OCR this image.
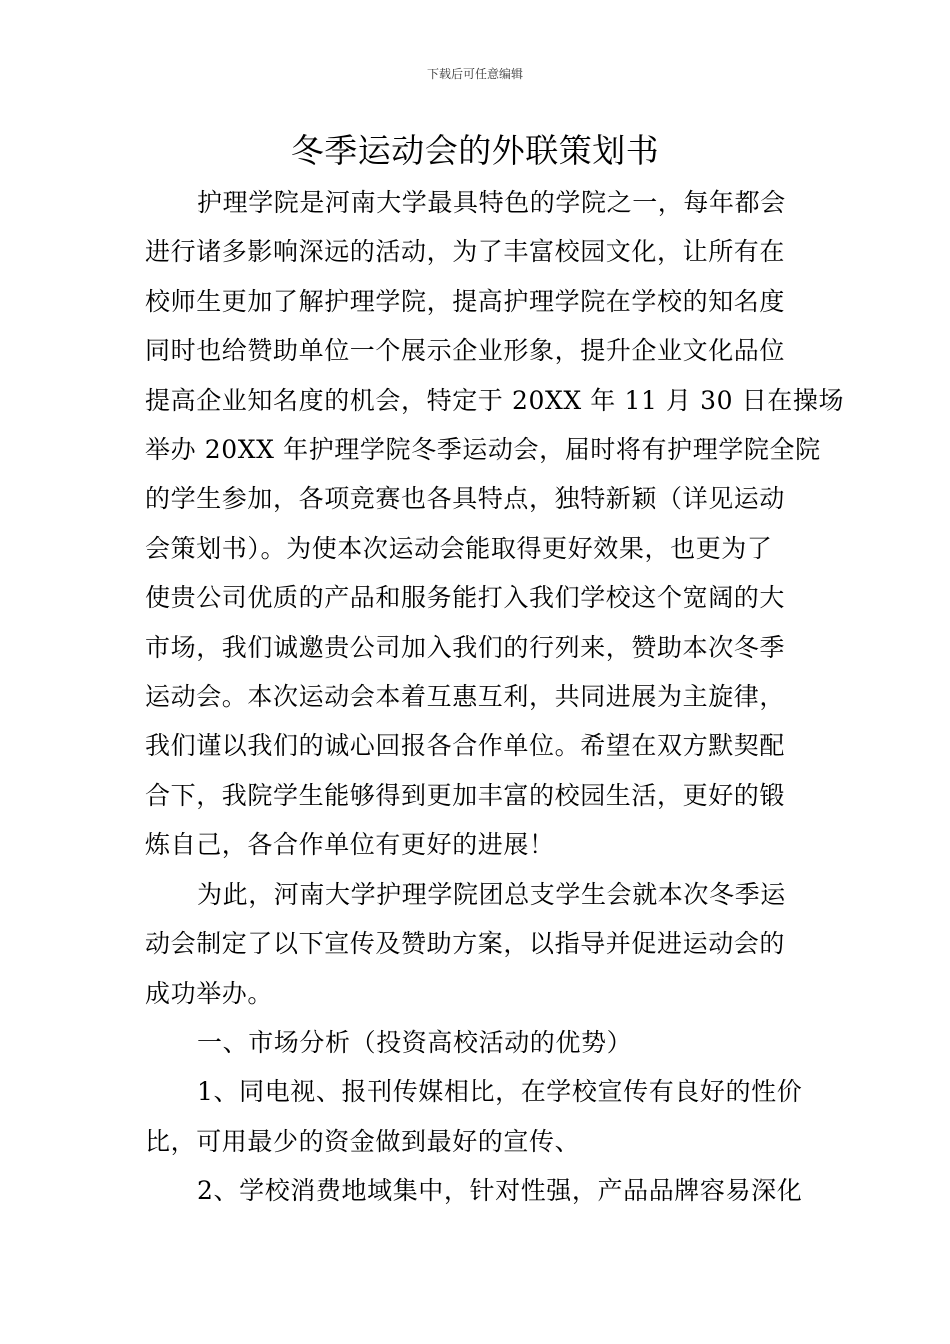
下载后可任意编辑
冬季运动会的外联策划书
护理学院是河南大学最具特色的学院之一，每年都会
进行诸多影响深远的活动，为了丰富校园文化，让所有在
校师生更加了解护理学院，提高护理学院在学校的知名度
同时也给赞助单位一个展示企业形象，提升企业文化品位
提高企业知名度的机会，特定于 20XX 年 11 月 30 日在操场
举办 20XX 年护理学院冬季运动会，届时将有护理学院全院
的学生参加，各项竞赛也各具特点，独特新颖（详见运动
会策划书）。为使本次运动会能取得更好效果，也更为了
使贵公司优质的产品和服务能打入我们学校这个宽阔的大
市场，我们诚邀贵公司加入我们的行列来，赞助本次冬季
运动会。本次运动会本着互惠互利，共同进展为主旋律，
我们谨以我们的诚心回报各合作单位。希望在双方默契配
合下，我院学生能够得到更加丰富的校园生活，更好的锻
炼自己，各合作单位有更好的进展！
为此，河南大学护理学院团总支学生会就本次冬季运
动会制定了以下宣传及赞助方案，以指导并促进运动会的
成功举办。
一、市场分析（投资高校活动的优势）
1、同电视、报刊传媒相比，在学校宣传有良好的性价
比，可用最少的资金做到最好的宣传、
2、学校消费地域集中，针对性强，产品品牌容易深化
